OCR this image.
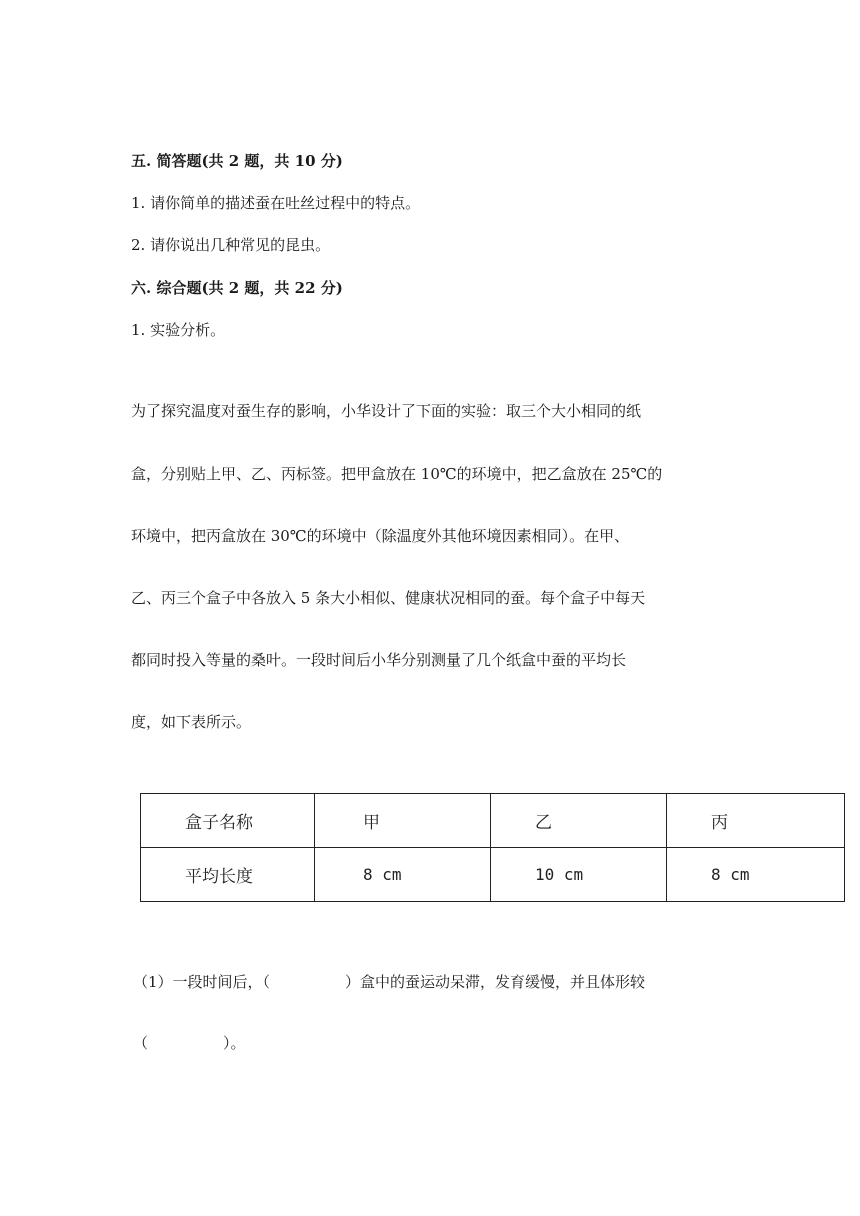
五. 简答题(共 2 题，共 10 分)
1. 请你简单的描述蚕在吐丝过程中的特点。
2. 请你说出几种常见的昆虫。
六. 综合题(共 2 题，共 22 分)
1. 实验分析。
为了探究温度对蚕生存的影响，小华设计了下面的实验：取三个大小相同的纸
盒，分别贴上甲、乙、丙标签。把甲盒放在 10℃的环境中，把乙盒放在 25℃的
环境中，把丙盒放在 30℃的环境中（除温度外其他环境因素相同）。在甲、
乙、丙三个盒子中各放入 5 条大小相似、健康状况相同的蚕。每个盒子中每天
都同时投入等量的桑叶。一段时间后小华分别测量了几个纸盒中蚕的平均长
度，如下表所示。
盒子名称	甲	乙	丙
平均长度	8 cm	10 cm	8 cm
（1）一段时间后，（　　　　　）盒中的蚕运动呆滞，发育缓慢，并且体形较
（　　　　　）。
